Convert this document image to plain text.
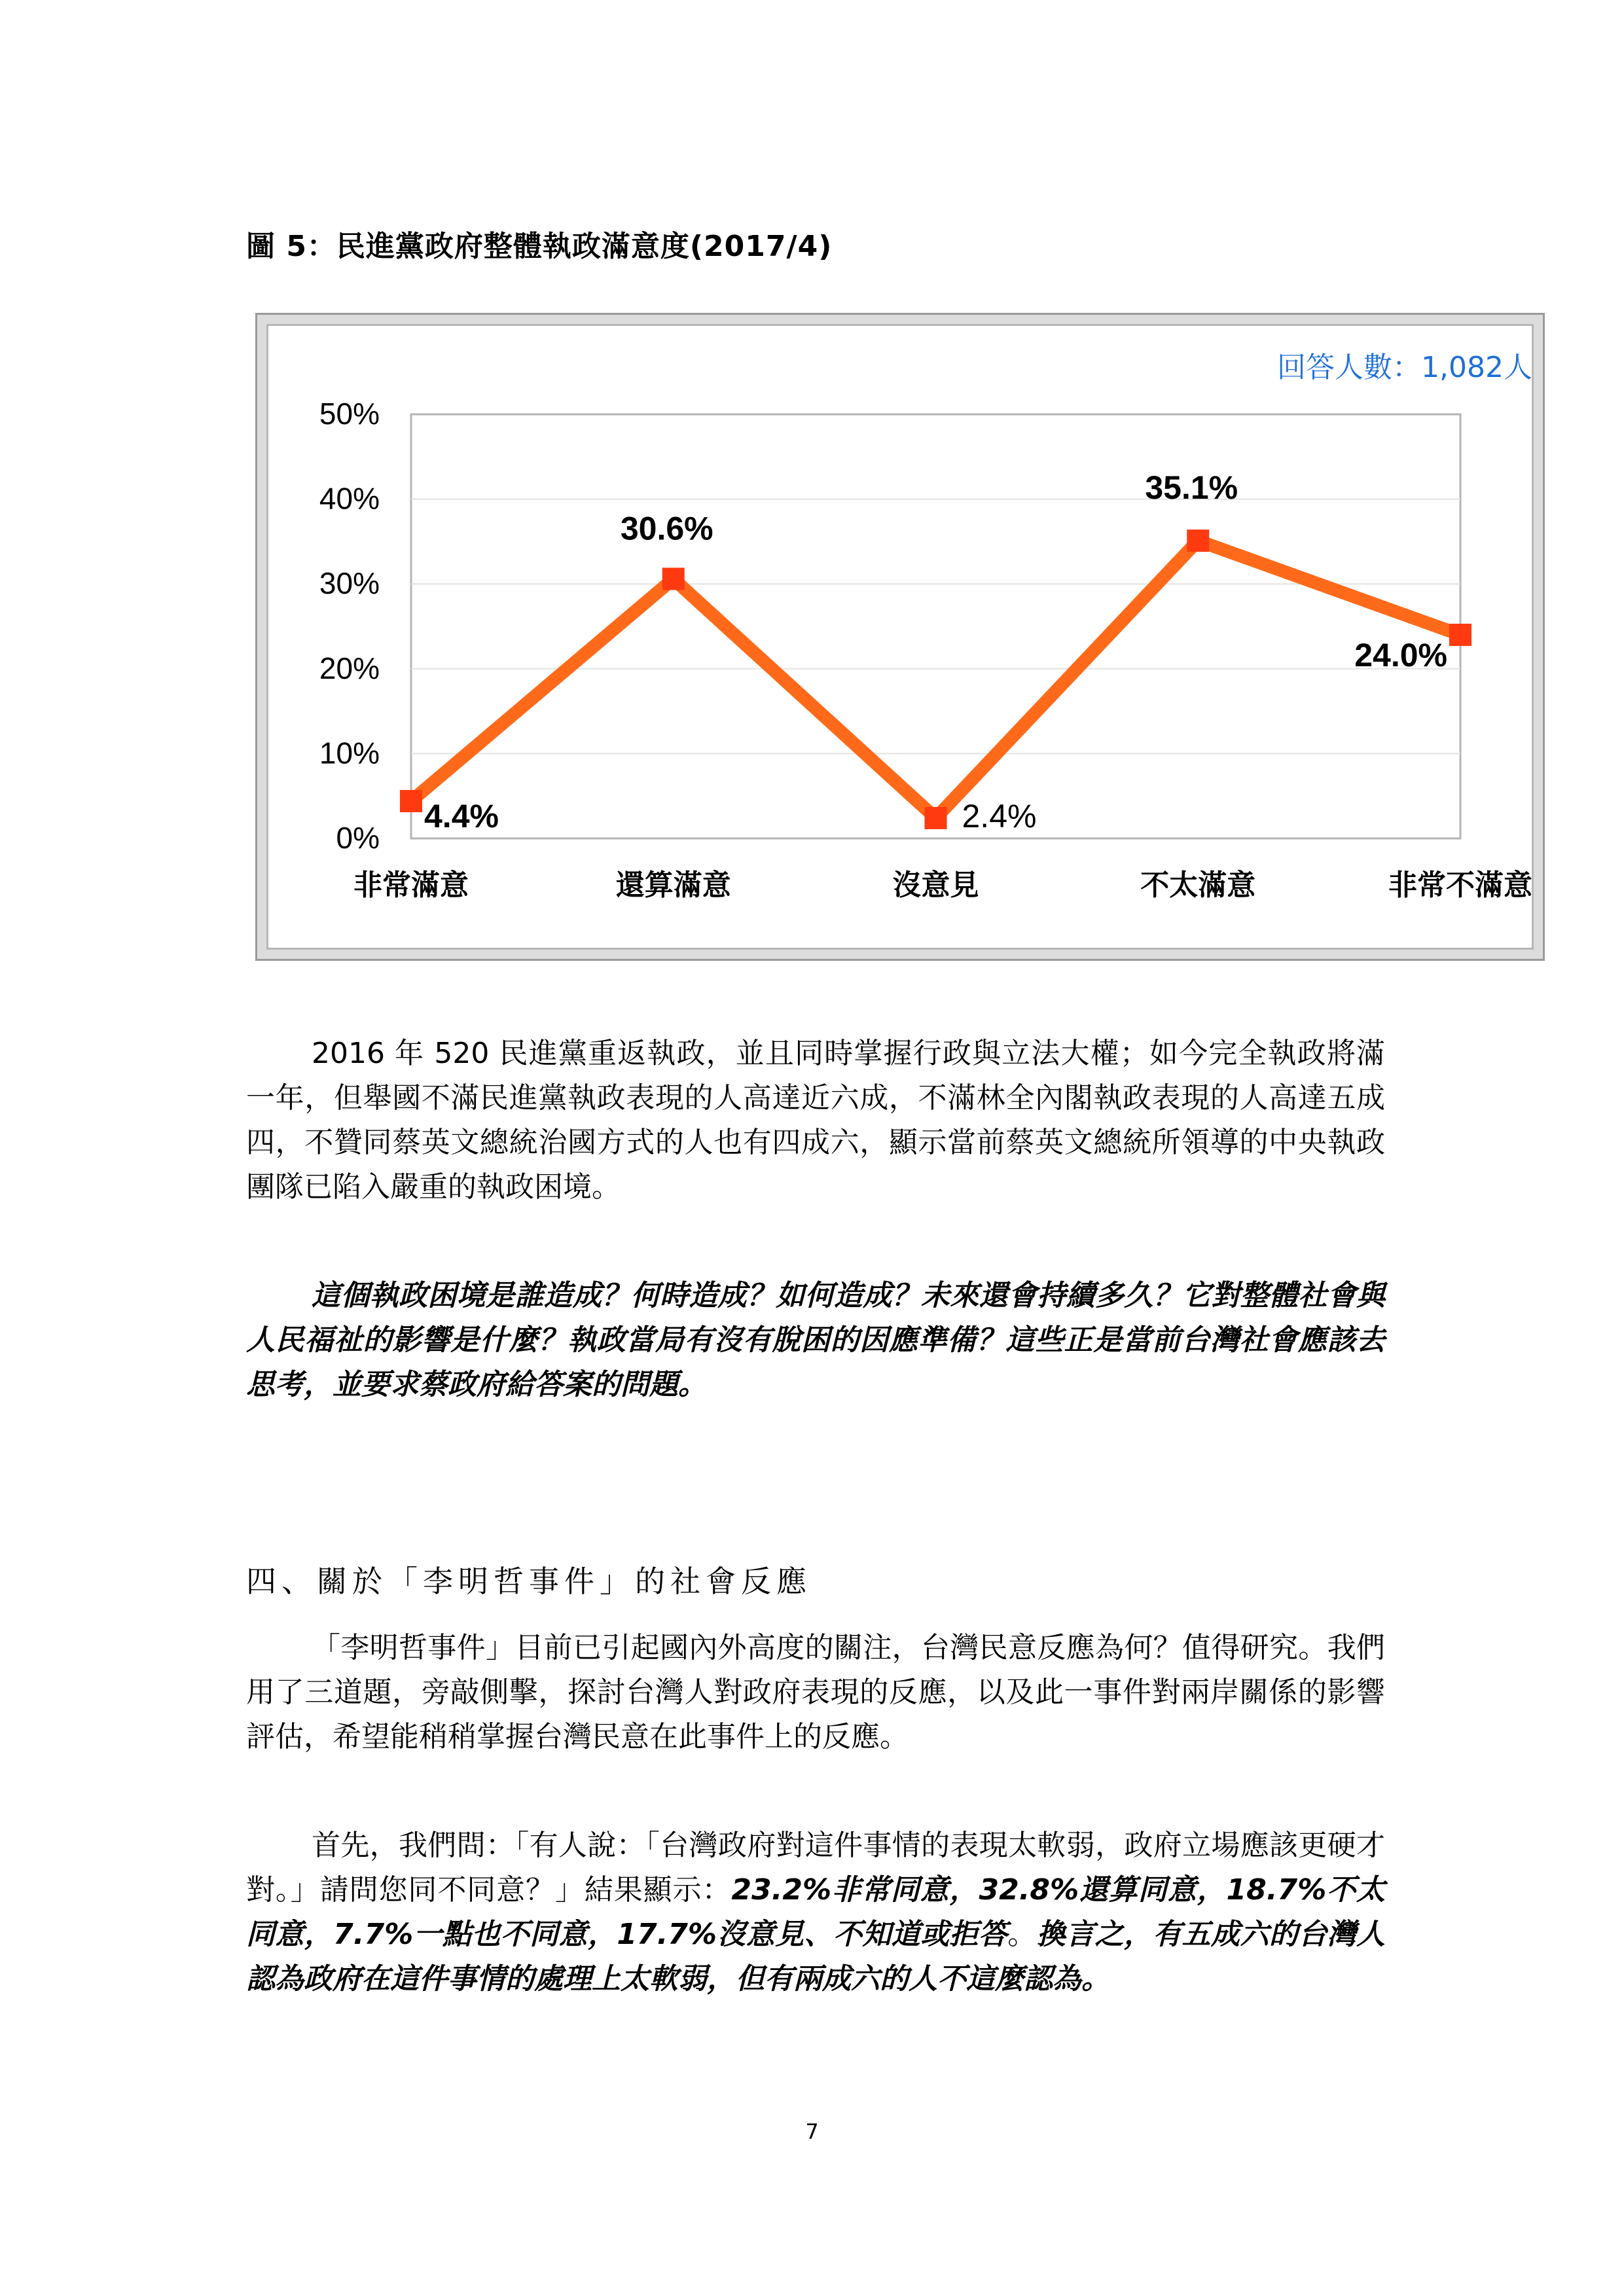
圖 5：民進黨政府整體執政滿意度(2017/4)
0%
10%
20%
30%
40%
50%
非常滿意	還算滿意	沒意見	不太滿意	非常不滿意
4.4%
30.6%
2.4%
35.1%
24.0%
回答人數：1,082人

2016 年 520 民進黨重返執政，並且同時掌握行政與立法大權；如今完全執政將滿一年，但舉國不滿民進黨執政表現的人高達近六成，不滿林全內閣執政表現的人高達五成四，不贊同蔡英文總統治國方式的人也有四成六，顯示當前蔡英文總統所領導的中央執政團隊已陷入嚴重的執政困境。

這個執政困境是誰造成？何時造成？如何造成？未來還會持續多久？它對整體社會與人民福祉的影響是什麼？執政當局有沒有脫困的因應準備？這些正是當前台灣社會應該去思考，並要求蔡政府給答案的問題。

四、關於「李明哲事件」的社會反應

「李明哲事件」目前已引起國內外高度的關注，台灣民意反應為何？值得研究。我們用了三道題，旁敲側擊，探討台灣人對政府表現的反應，以及此一事件對兩岸關係的影響評估，希望能稍稍掌握台灣民意在此事件上的反應。

首先，我們問：「有人說：「台灣政府對這件事情的表現太軟弱，政府立場應該更硬才對。」請問您同不同意？」結果顯示：23.2%非常同意，32.8%還算同意，18.7%不太同意，7.7%一點也不同意，17.7%沒意見、不知道或拒答。換言之，有五成六的台灣人認為政府在這件事情的處理上太軟弱，但有兩成六的人不這麼認為。

7
